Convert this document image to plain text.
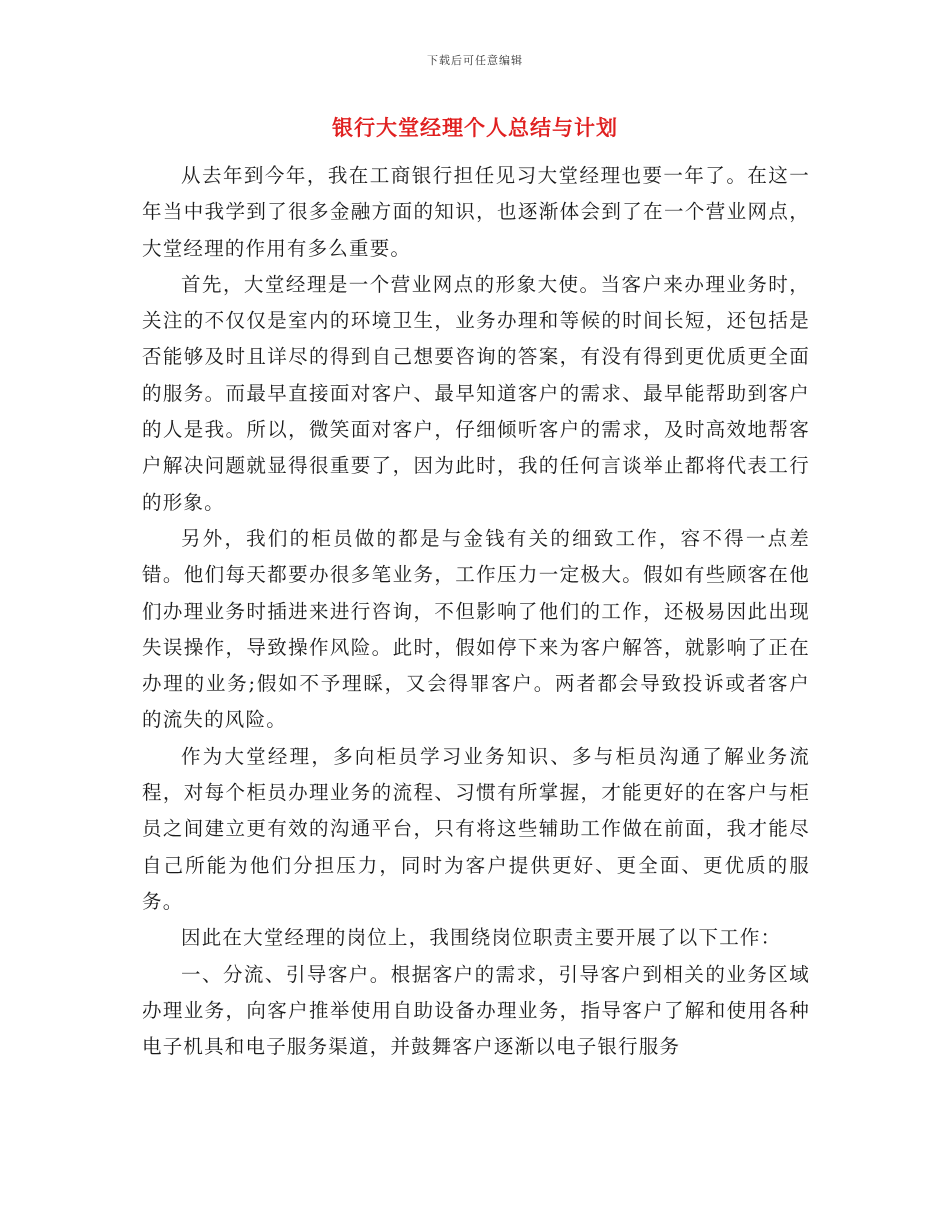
下载后可任意编辑
银行大堂经理个人总结与计划

从去年到今年，我在工商银行担任见习大堂经理也要一年了。在这一年当中我学到了很多金融方面的知识，也逐渐体会到了在一个营业网点，大堂经理的作用有多么重要。

首先，大堂经理是一个营业网点的形象大使。当客户来办理业务时，关注的不仅仅是室内的环境卫生，业务办理和等候的时间长短，还包括是否能够及时且详尽的得到自己想要咨询的答案，有没有得到更优质更全面的服务。而最早直接面对客户、最早知道客户的需求、最早能帮助到客户的人是我。所以，微笑面对客户，仔细倾听客户的需求，及时高效地帮客户解决问题就显得很重要了，因为此时，我的任何言谈举止都将代表工行的形象。

另外，我们的柜员做的都是与金钱有关的细致工作，容不得一点差错。他们每天都要办很多笔业务，工作压力一定极大。假如有些顾客在他们办理业务时插进来进行咨询，不但影响了他们的工作，还极易因此出现失误操作，导致操作风险。此时，假如停下来为客户解答，就影响了正在办理的业务;假如不予理睬，又会得罪客户。两者都会导致投诉或者客户的流失的风险。

作为大堂经理，多向柜员学习业务知识、多与柜员沟通了解业务流程，对每个柜员办理业务的流程、习惯有所掌握，才能更好的在客户与柜员之间建立更有效的沟通平台，只有将这些辅助工作做在前面，我才能尽自己所能为他们分担压力，同时为客户提供更好、更全面、更优质的服务。

因此在大堂经理的岗位上，我围绕岗位职责主要开展了以下工作：

一、分流、引导客户。根据客户的需求，引导客户到相关的业务区域办理业务，向客户推举使用自助设备办理业务，指导客户了解和使用各种电子机具和电子服务渠道，并鼓舞客户逐渐以电子银行服务
